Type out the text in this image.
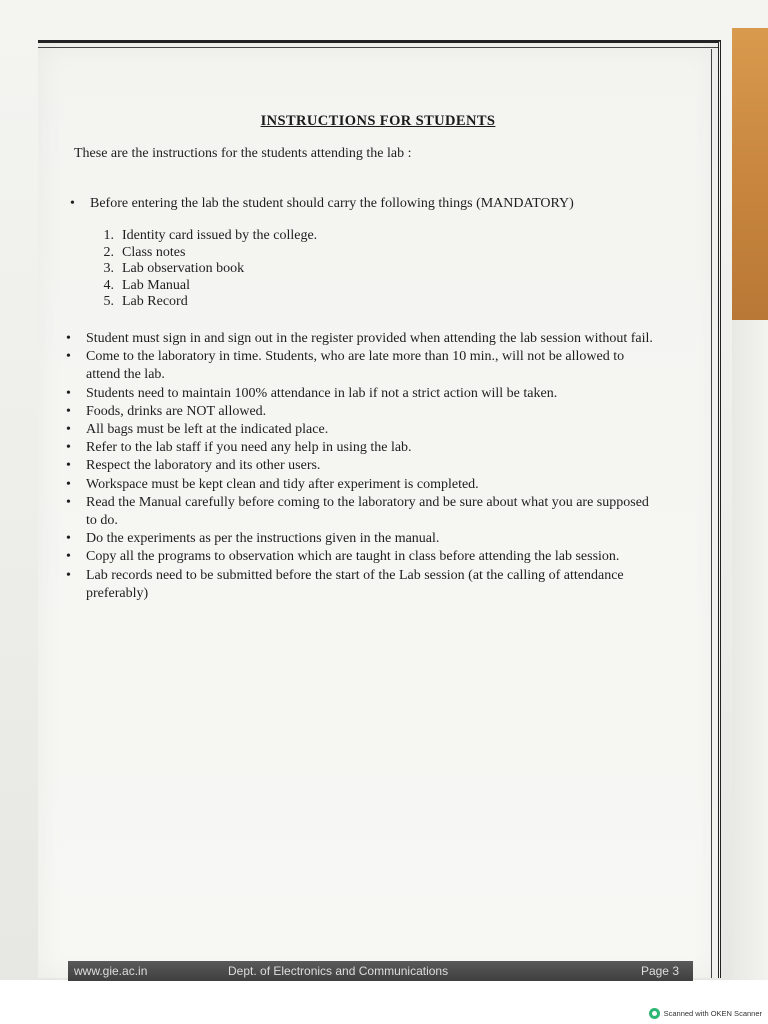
INSTRUCTIONS FOR STUDENTS
These are the instructions for the students attending the lab :
• Before entering the lab the student should carry the following things (MANDATORY)
1. Identity card issued by the college.
2. Class notes
3. Lab observation book
4. Lab Manual
5. Lab Record
• Student must sign in and sign out in the register provided when attending the lab session without fail.
• Come to the laboratory in time. Students, who are late more than 10 min., will not be allowed to attend the lab.
• Students need to maintain 100% attendance in lab if not a strict action will be taken.
• Foods, drinks are NOT allowed.
• All bags must be left at the indicated place.
• Refer to the lab staff if you need any help in using the lab.
• Respect the laboratory and its other users.
• Workspace must be kept clean and tidy after experiment is completed.
• Read the Manual carefully before coming to the laboratory and be sure about what you are supposed to do.
• Do the experiments as per the instructions given in the manual.
• Copy all the programs to observation which are taught in class before attending the lab session.
• Lab records need to be submitted before the start of the Lab session (at the calling of attendance preferably)
www.gie.ac.in	Dept. of Electronics and Communications	Page 3
Scanned with OKEN Scanner
